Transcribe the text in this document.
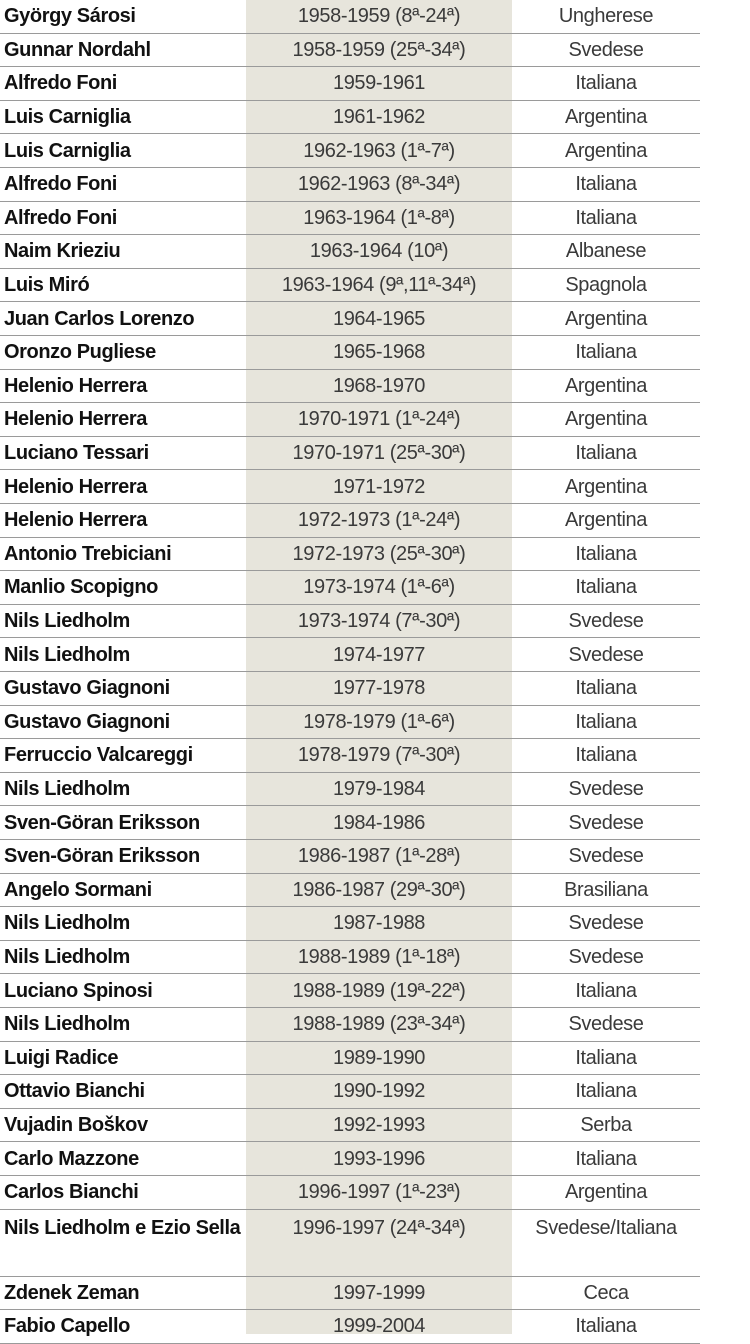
György Sárosi	1958-1959 (8ª-24ª)	Ungherese
Gunnar Nordahl	1958-1959 (25ª-34ª)	Svedese
Alfredo Foni	1959-1961	Italiana
Luis Carniglia	1961-1962	Argentina
Luis Carniglia	1962-1963 (1ª-7ª)	Argentina
Alfredo Foni	1962-1963 (8ª-34ª)	Italiana
Alfredo Foni	1963-1964 (1ª-8ª)	Italiana
Naim Krieziu	1963-1964 (10ª)	Albanese
Luis Miró	1963-1964 (9ª,11ª-34ª)	Spagnola
Juan Carlos Lorenzo	1964-1965	Argentina
Oronzo Pugliese	1965-1968	Italiana
Helenio Herrera	1968-1970	Argentina
Helenio Herrera	1970-1971 (1ª-24ª)	Argentina
Luciano Tessari	1970-1971 (25ª-30ª)	Italiana
Helenio Herrera	1971-1972	Argentina
Helenio Herrera	1972-1973 (1ª-24ª)	Argentina
Antonio Trebiciani	1972-1973 (25ª-30ª)	Italiana
Manlio Scopigno	1973-1974 (1ª-6ª)	Italiana
Nils Liedholm	1973-1974 (7ª-30ª)	Svedese
Nils Liedholm	1974-1977	Svedese
Gustavo Giagnoni	1977-1978	Italiana
Gustavo Giagnoni	1978-1979 (1ª-6ª)	Italiana
Ferruccio Valcareggi	1978-1979 (7ª-30ª)	Italiana
Nils Liedholm	1979-1984	Svedese
Sven-Göran Eriksson	1984-1986	Svedese
Sven-Göran Eriksson	1986-1987 (1ª-28ª)	Svedese
Angelo Sormani	1986-1987 (29ª-30ª)	Brasiliana
Nils Liedholm	1987-1988	Svedese
Nils Liedholm	1988-1989 (1ª-18ª)	Svedese
Luciano Spinosi	1988-1989 (19ª-22ª)	Italiana
Nils Liedholm	1988-1989 (23ª-34ª)	Svedese
Luigi Radice	1989-1990	Italiana
Ottavio Bianchi	1990-1992	Italiana
Vujadin Boškov	1992-1993	Serba
Carlo Mazzone	1993-1996	Italiana
Carlos Bianchi	1996-1997 (1ª-23ª)	Argentina
Nils Liedholm e Ezio Sella	1996-1997 (24ª-34ª)	Svedese/Italiana
Zdenek Zeman	1997-1999	Ceca
Fabio Capello	1999-2004	Italiana
